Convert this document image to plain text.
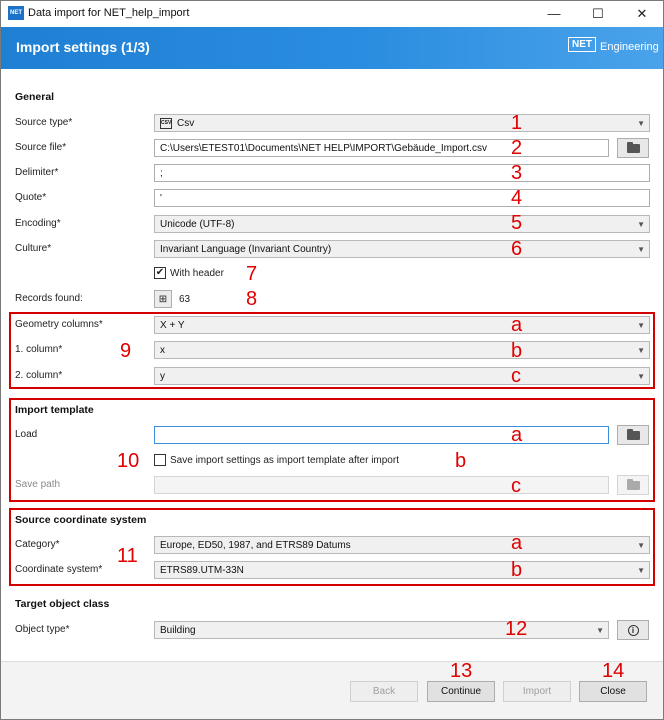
NET Data import for NET_help_import	—	☐	✕
Import settings (1/3)	NET Engineering
General
Source type*	CSV Csv	▼
Source file*	C:\Users\ETEST01\Documents\NET HELP\IMPORT\Gebäude_Import.csv
Delimiter*	;
Quote*	'
Encoding*	Unicode (UTF-8)	▼
Culture*	Invariant Language (Invariant Country)	▼
✔ With header
Records found:	⊞	63
Geometry columns*	X + Y	▼
1. column*	x	▼
2. column*	y	▼
Import template
Load
Save import settings as import template after import
Save path
Source coordinate system
Category*	Europe, ED50, 1987, and ETRS89 Datums	▼
Coordinate system*	ETRS89.UTM-33N	▼
Target object class
Object type*	Building	▼	i
Back	Continue	Import	Close
1
2
3
4
5
6
7
8
9
a
b
c
10
a
b
c
11
a
b
12
13	14
